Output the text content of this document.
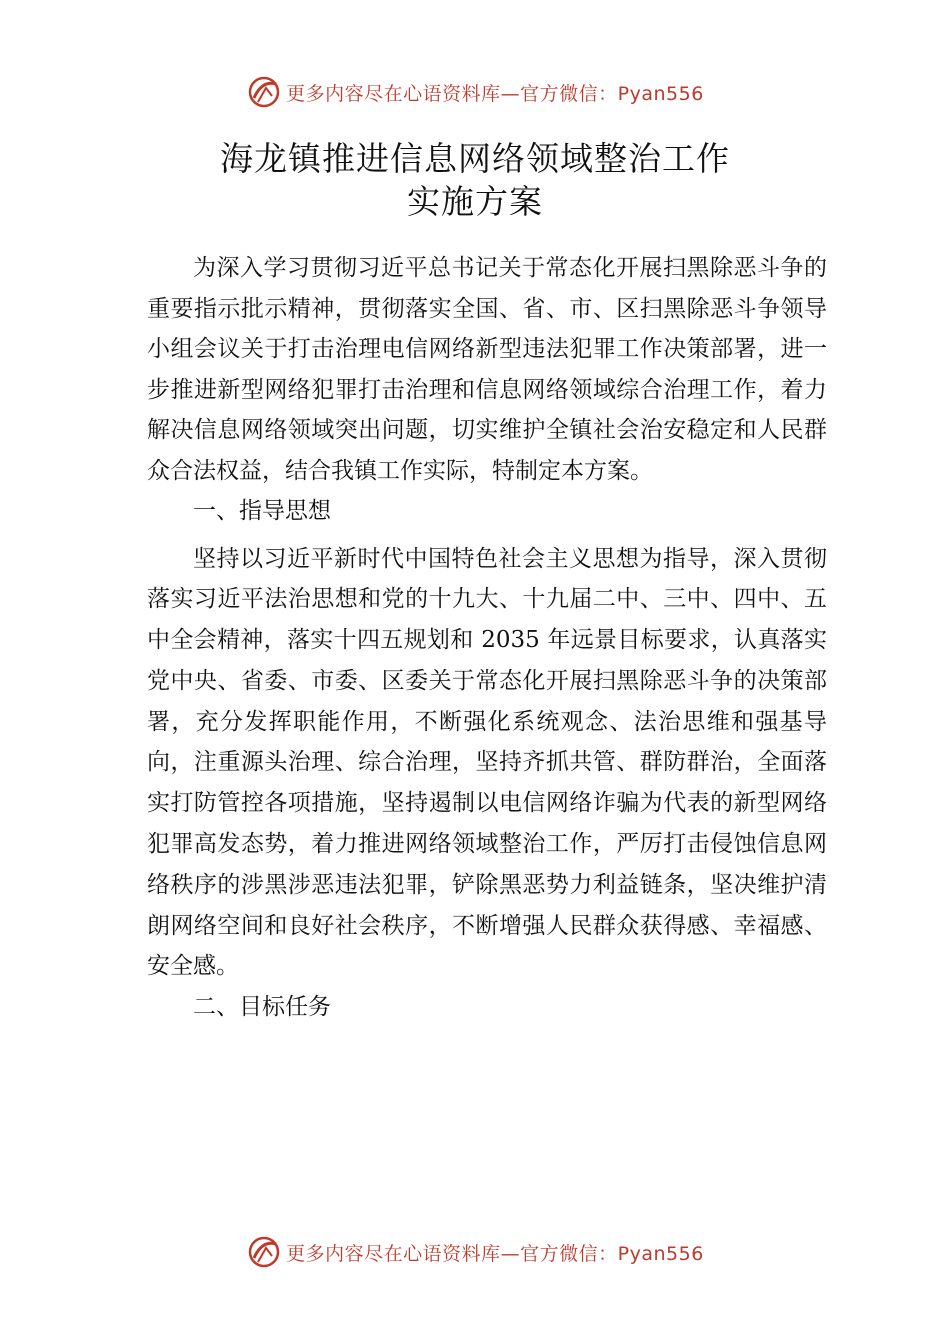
更多内容尽在心语资料库—官方微信：Pyan556
海龙镇推进信息网络领域整治工作
实施方案

为深入学习贯彻习近平总书记关于常态化开展扫黑除恶斗争的重要指示批示精神，贯彻落实全国、省、市、区扫黑除恶斗争领导小组会议关于打击治理电信网络新型违法犯罪工作决策部署，进一步推进新型网络犯罪打击治理和信息网络领域综合治理工作，着力解决信息网络领域突出问题，切实维护全镇社会治安稳定和人民群众合法权益，结合我镇工作实际，特制定本方案。

一、指导思想

坚持以习近平新时代中国特色社会主义思想为指导，深入贯彻落实习近平法治思想和党的十九大、十九届二中、三中、四中、五中全会精神，落实十四五规划和 2035 年远景目标要求，认真落实党中央、省委、市委、区委关于常态化开展扫黑除恶斗争的决策部署，充分发挥职能作用，不断强化系统观念、法治思维和强基导向，注重源头治理、综合治理，坚持齐抓共管、群防群治，全面落实打防管控各项措施，坚持遏制以电信网络诈骗为代表的新型网络犯罪高发态势，着力推进网络领域整治工作，严厉打击侵蚀信息网络秩序的涉黑涉恶违法犯罪，铲除黑恶势力利益链条，坚决维护清朗网络空间和良好社会秩序，不断增强人民群众获得感、幸福感、安全感。

二、目标任务

更多内容尽在心语资料库—官方微信：Pyan556
